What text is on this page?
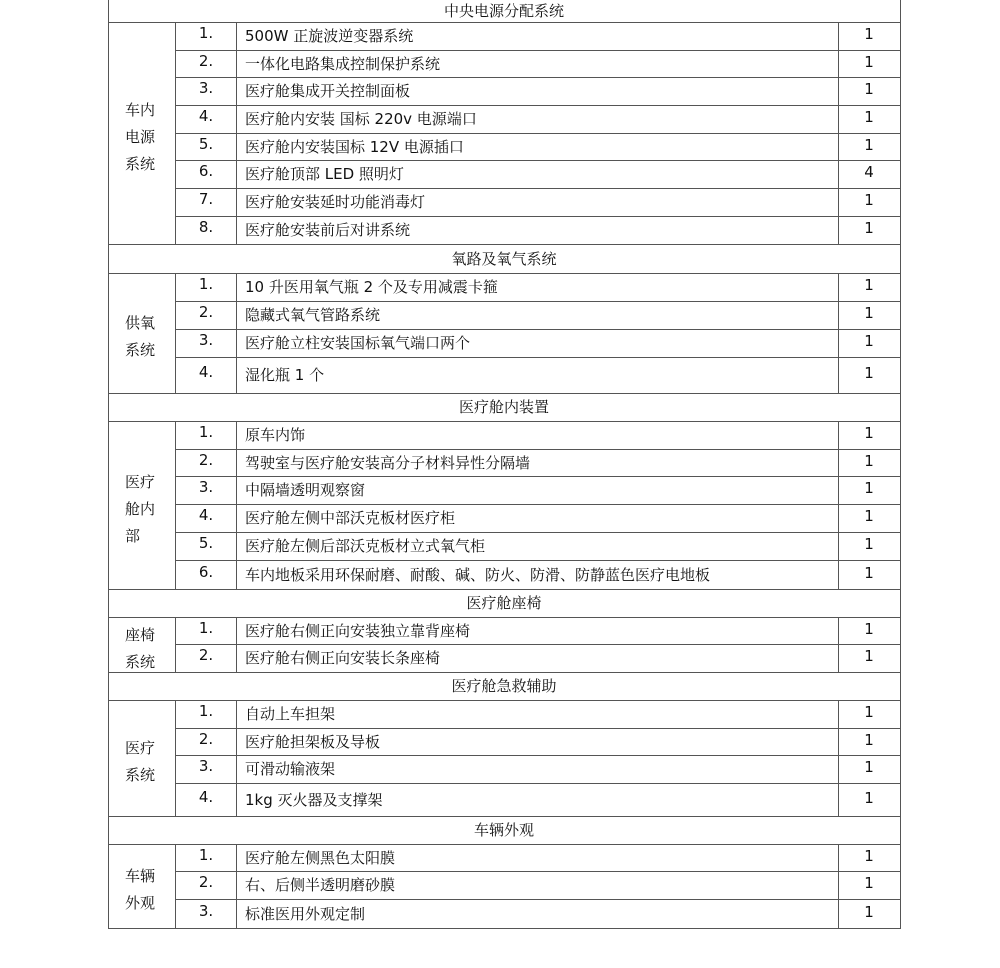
中央电源分配系统
车内
电源
系统
1.	500W 正旋波逆变器系统	1
2.	一体化电路集成控制保护系统	1
3.	医疗舱集成开关控制面板	1
4.	医疗舱内安装 国标 220v 电源端口	1
5.	医疗舱内安装国标 12V 电源插口	1
6.	医疗舱顶部 LED 照明灯	4
7.	医疗舱安装延时功能消毒灯	1
8.	医疗舱安装前后对讲系统	1
氧路及氧气系统
供氧
系统
1.	10 升医用氧气瓶 2 个及专用减震卡箍	1
2.	隐藏式氧气管路系统	1
3.	医疗舱立柱安装国标氧气端口两个	1
4.	湿化瓶 1 个	1
医疗舱内装置
医疗
舱内
部
1.	原车内饰	1
2.	驾驶室与医疗舱安装高分子材料异性分隔墙	1
3.	中隔墙透明观察窗	1
4.	医疗舱左侧中部沃克板材医疗柜	1
5.	医疗舱左侧后部沃克板材立式氧气柜	1
6.	车内地板采用环保耐磨、耐酸、碱、防火、防滑、防静蓝色医疗电地板	1
医疗舱座椅
座椅
系统
1.	医疗舱右侧正向安装独立靠背座椅	1
2.	医疗舱右侧正向安装长条座椅	1
医疗舱急救辅助
医疗
系统
1.	自动上车担架	1
2.	医疗舱担架板及导板	1
3.	可滑动输液架	1
4.	1kg 灭火器及支撑架	1
车辆外观
车辆
外观
1.	医疗舱左侧黑色太阳膜	1
2.	右、后侧半透明磨砂膜	1
3.	标准医用外观定制	1
